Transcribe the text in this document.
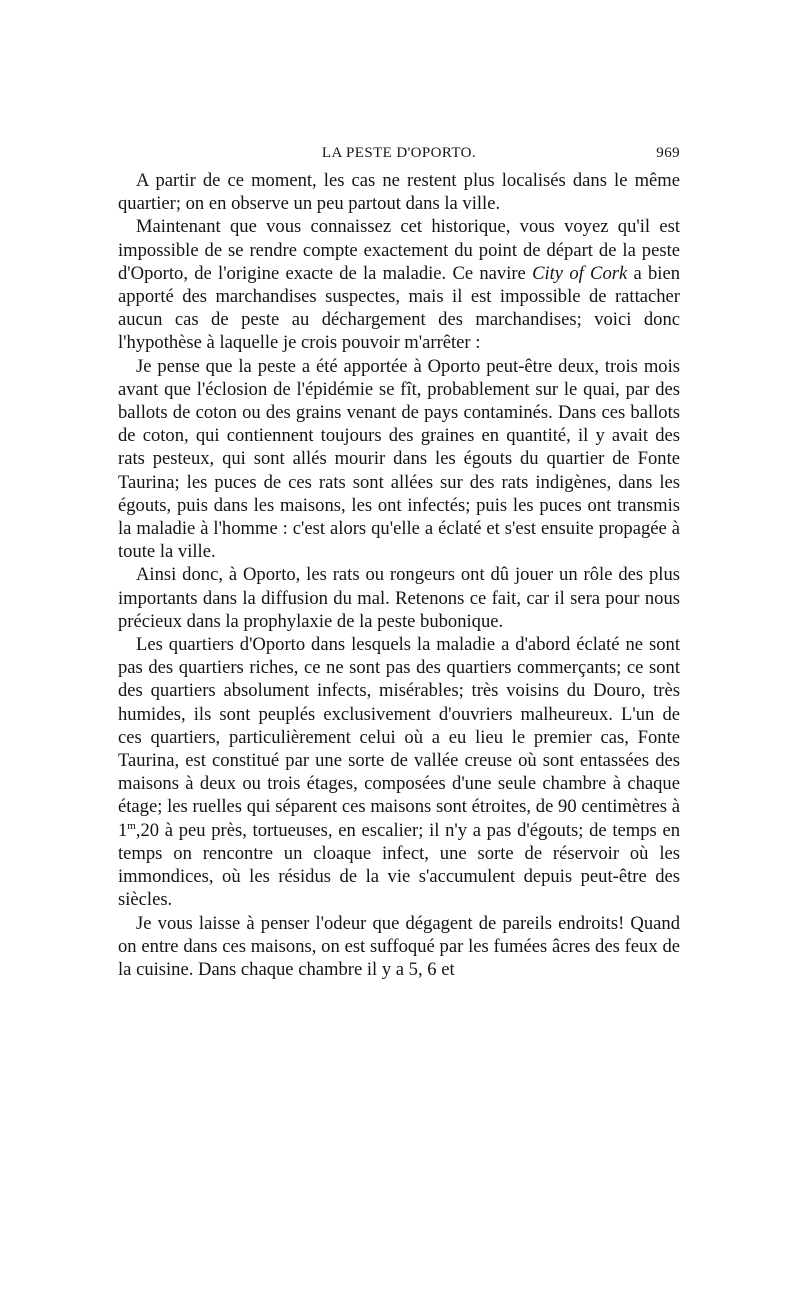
LA PESTE D'OPORTO.	969

A partir de ce moment, les cas ne restent plus localisés dans le même quartier; on en observe un peu partout dans la ville.

Maintenant que vous connaissez cet historique, vous voyez qu'il est impossible de se rendre compte exactement du point de départ de la peste d'Oporto, de l'origine exacte de la maladie. Ce navire City of Cork a bien apporté des marchandises suspectes, mais il est impossible de rattacher aucun cas de peste au déchargement des marchandises; voici donc l'hypothèse à laquelle je crois pouvoir m'arrêter :

Je pense que la peste a été apportée à Oporto peut-être deux, trois mois avant que l'éclosion de l'épidémie se fît, probablement sur le quai, par des ballots de coton ou des grains venant de pays contaminés. Dans ces ballots de coton, qui contiennent toujours des graines en quantité, il y avait des rats pesteux, qui sont allés mourir dans les égouts du quartier de Fonte Taurina; les puces de ces rats sont allées sur des rats indigènes, dans les égouts, puis dans les maisons, les ont infectés; puis les puces ont transmis la maladie à l'homme : c'est alors qu'elle a éclaté et s'est ensuite propagée à toute la ville.

Ainsi donc, à Oporto, les rats ou rongeurs ont dû jouer un rôle des plus importants dans la diffusion du mal. Retenons ce fait, car il sera pour nous précieux dans la prophylaxie de la peste bubonique.

Les quartiers d'Oporto dans lesquels la maladie a d'abord éclaté ne sont pas des quartiers riches, ce ne sont pas des quartiers commerçants; ce sont des quartiers absolument infects, misérables; très voisins du Douro, très humides, ils sont peuplés exclusivement d'ouvriers malheureux. L'un de ces quartiers, particulièrement celui où a eu lieu le premier cas, Fonte Taurina, est constitué par une sorte de vallée creuse où sont entassées des maisons à deux ou trois étages, composées d'une seule chambre à chaque étage; les ruelles qui séparent ces maisons sont étroites, de 90 centimètres à 1$^m$,20 à peu près, tortueuses, en escalier; il n'y a pas d'égouts; de temps en temps on rencontre un cloaque infect, une sorte de réservoir où les immondices, où les résidus de la vie s'accumulent depuis peut-être des siècles.

Je vous laisse à penser l'odeur que dégagent de pareils endroits! Quand on entre dans ces maisons, on est suffoqué par les fumées âcres des feux de la cuisine. Dans chaque chambre il y a 5, 6 et
